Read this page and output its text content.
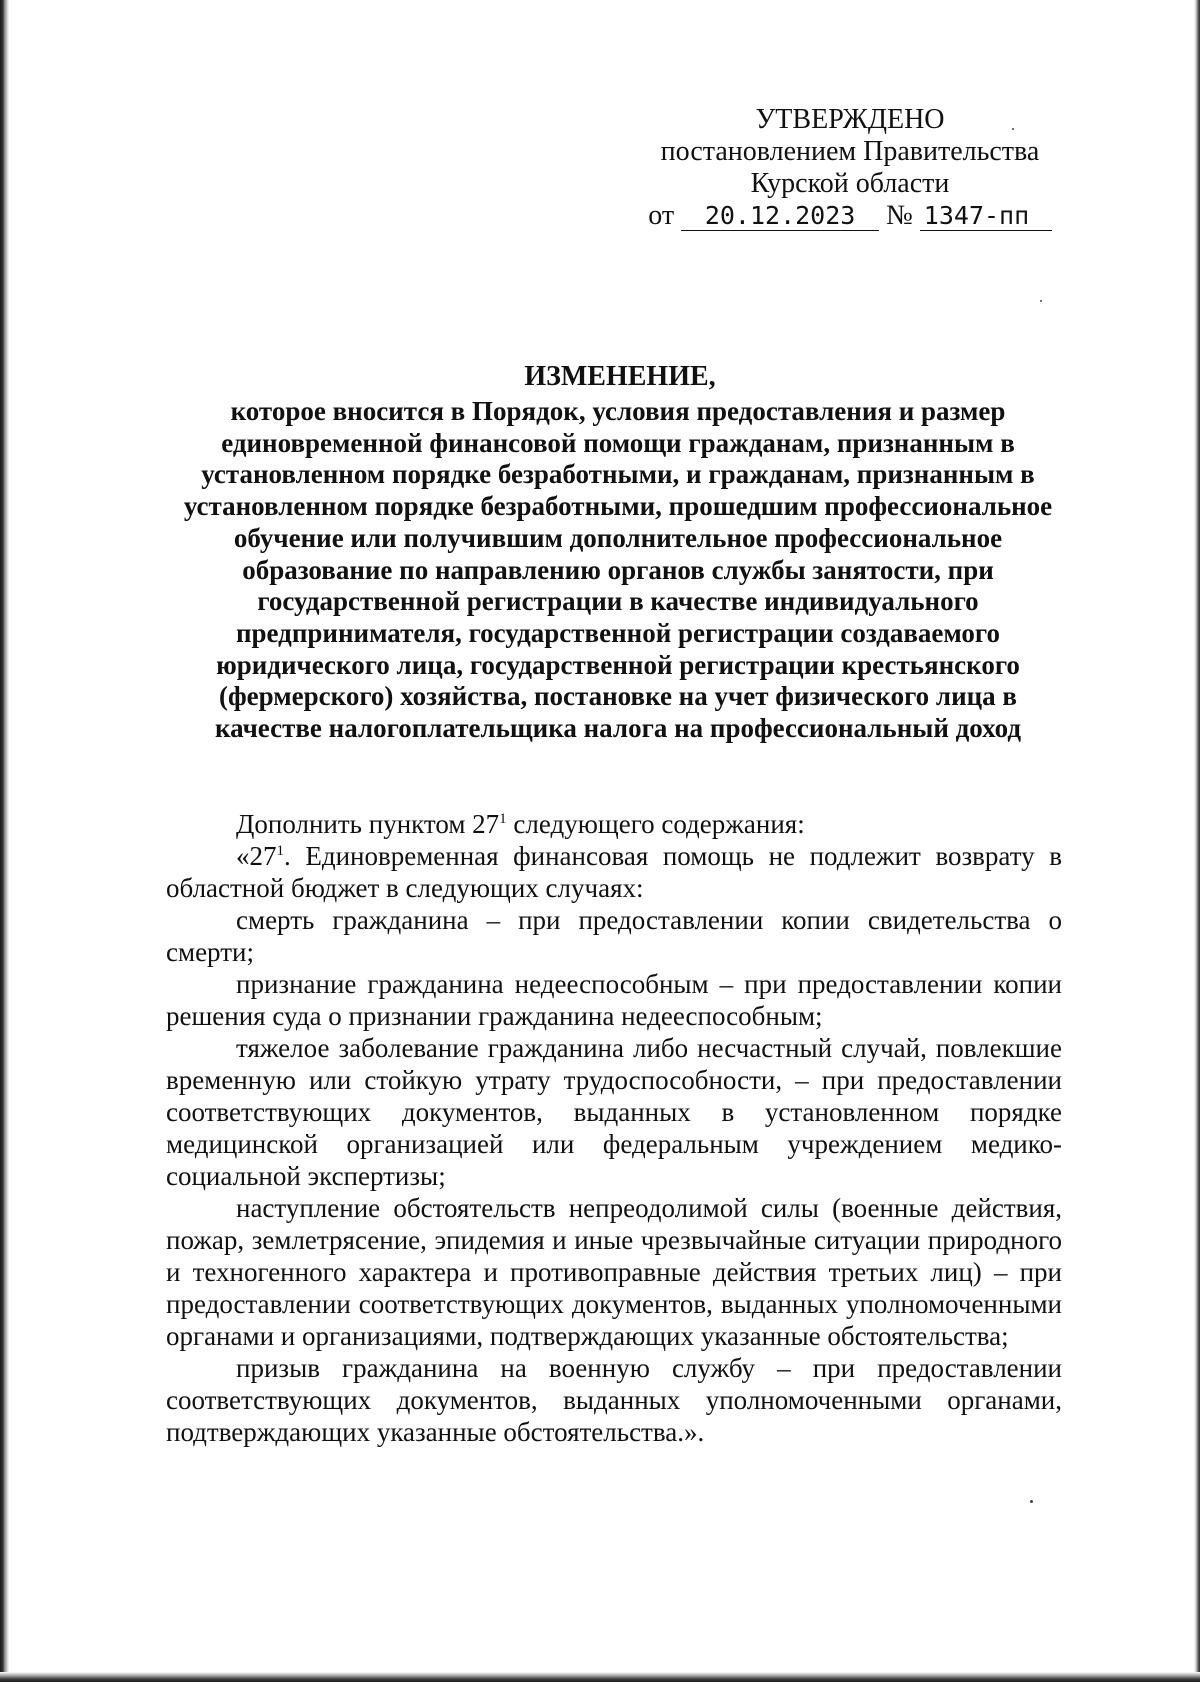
УТВЕРЖДЕНО
постановлением Правительства
Курской области
от 20.12.2023 № 1347-пп
ИЗМЕНЕНИЕ,
которое вносится в Порядок, условия предоставления и размер единовременной финансовой помощи гражданам, признанным в установленном порядке безработными, и гражданам, признанным в установленном порядке безработными, прошедшим профессиональное обучение или получившим дополнительное профессиональное образование по направлению органов службы занятости, при государственной регистрации в качестве индивидуального предпринимателя, государственной регистрации создаваемого юридического лица, государственной регистрации крестьянского (фермерского) хозяйства, постановке на учет физического лица в качестве налогоплательщика налога на профессиональный доход

Дополнить пунктом $27^1$ следующего содержания:

«$27^1$. Единовременная финансовая помощь не подлежит возврату в областной бюджет в следующих случаях:

смерть гражданина – при предоставлении копии свидетельства о смерти;

признание гражданина недееспособным – при предоставлении копии решения суда о признании гражданина недееспособным;

тяжелое заболевание гражданина либо несчастный случай, повлекшие временную или стойкую утрату трудоспособности, – при предоставлении соответствующих документов, выданных в установленном порядке медицинской организацией или федеральным учреждением медико-социальной экспертизы;

наступление обстоятельств непреодолимой силы (военные действия, пожар, землетрясение, эпидемия и иные чрезвычайные ситуации природного и техногенного характера и противоправные действия третьих лиц) – при предоставлении соответствующих документов, выданных уполномоченными органами и организациями, подтверждающих указанные обстоятельства;

призыв гражданина на военную службу – при предоставлении соответствующих документов, выданных уполномоченными органами, подтверждающих указанные обстоятельства.».
